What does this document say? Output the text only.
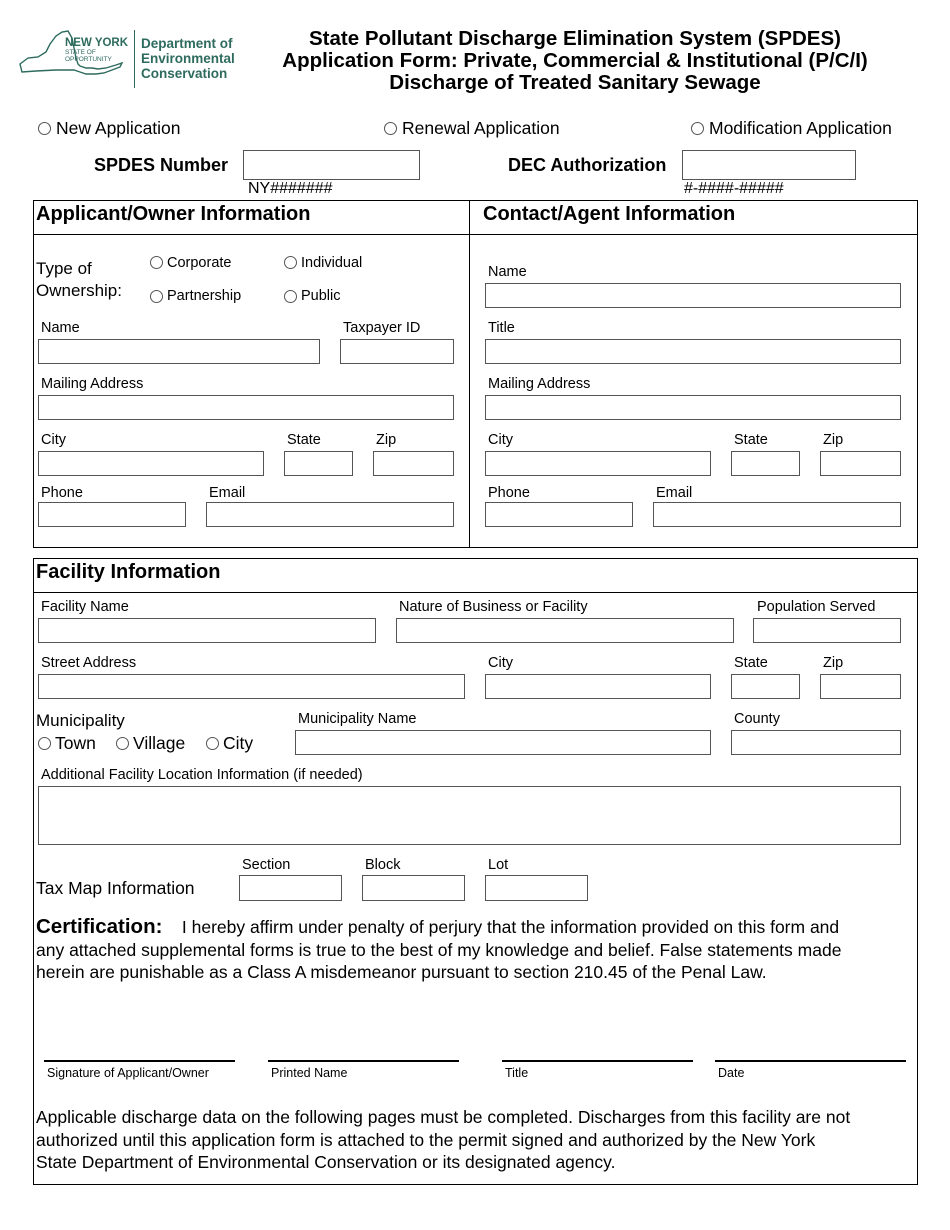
NEW YORK
STATE OF
OPPORTUNITY
Department of
Environmental
Conservation
State Pollutant Discharge Elimination System (SPDES)
Application Form: Private, Commercial & Institutional (P/C/I)
Discharge of Treated Sanitary Sewage
New Application	Renewal Application	Modification Application
SPDES Number
NY#######
DEC Authorization
#-####-#####
Applicant/Owner Information	Contact/Agent Information
Type of
Ownership:
Corporate	Individual
Partnership	Public
Name	Taxpayer ID
Mailing Address
City	State	Zip
Phone	Email
Name
Title
Mailing Address
City	State	Zip
Phone	Email
Facility Information
Facility Name	Nature of Business or Facility	Population Served
Street Address	City	State	Zip
Municipality
Town Village City
Municipality Name	County
Additional Facility Location Information (if needed)
Section	Block	Lot
Tax Map Information
Certification: I hereby affirm under penalty of perjury that the information provided on this form and
any attached supplemental forms is true to the best of my knowledge and belief. False statements made
herein are punishable as a Class A misdemeanor pursuant to section 210.45 of the Penal Law.
Signature of Applicant/Owner	Printed Name	Title	Date
Applicable discharge data on the following pages must be completed. Discharges from this facility are not
authorized until this application form is attached to the permit signed and authorized by the New York
State Department of Environmental Conservation or its designated agency.
